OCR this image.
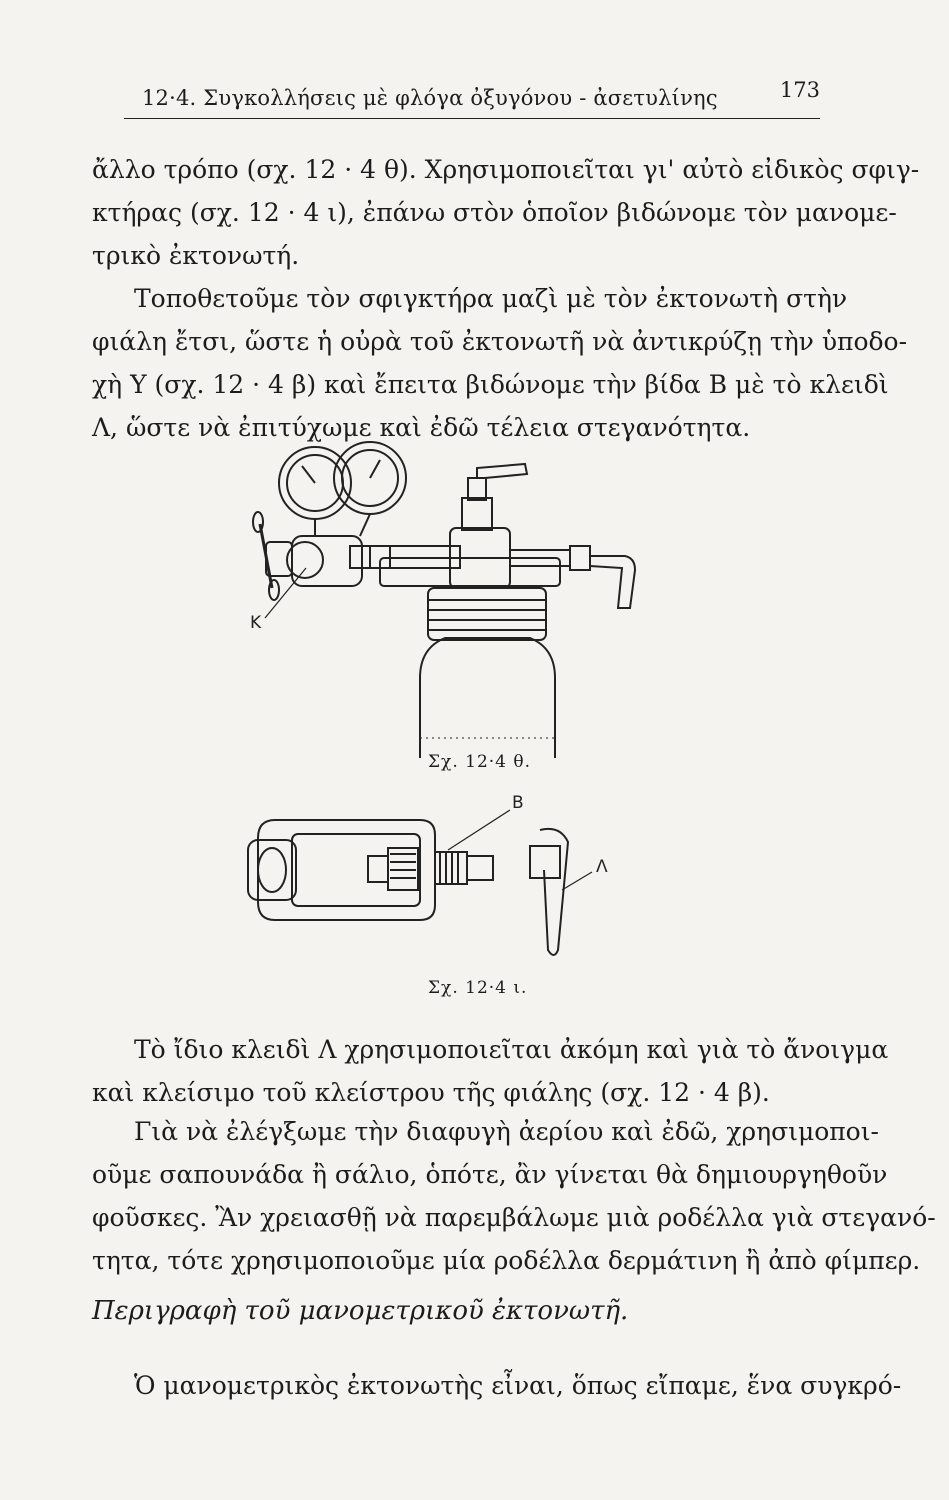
12·4. Συγκολλήσεις μὲ φλόγα ὀξυγόνου - ἀσετυλίνης	173
ἄλλο τρόπο (σχ. 12 · 4 θ). Χρησιμοποιεῖται γι' αὐτὸ εἰδικὸς σφιγ-
κτήρας (σχ. 12 · 4 ι), ἐπάνω στὸν ὁποῖον βιδώνομε τὸν μανομε-
τρικὸ ἐκτονωτή.
Τοποθετοῦμε τὸν σφιγκτήρα μαζὶ μὲ τὸν ἐκτονωτὴ στὴν
φιάλη ἔτσι, ὥστε ἡ οὐρὰ τοῦ ἐκτονωτῆ νὰ ἀντικρύζῃ τὴν ὑποδο-
χὴ Υ (σχ. 12 · 4 β) καὶ ἔπειτα βιδώνομε τὴν βίδα Β μὲ τὸ κλειδὶ
Λ, ὥστε νὰ ἐπιτύχωμε καὶ ἐδῶ τέλεια στεγανότητα.
K
Σχ. 12·4 θ.
B
Λ
Σχ. 12·4 ι.
Τὸ ἴδιο κλειδὶ Λ χρησιμοποιεῖται ἀκόμη καὶ γιὰ τὸ ἄνοιγμα
καὶ κλείσιμο τοῦ κλείστρου τῆς φιάλης (σχ. 12 · 4 β).
Γιὰ νὰ ἐλέγξωμε τὴν διαφυγὴ ἀερίου καὶ ἐδῶ, χρησιμοποι-
οῦμε σαπουνάδα ἢ σάλιο, ὁπότε, ἂν γίνεται θὰ δημιουργηθοῦν
φοῦσκες. Ἂν χρειασθῇ νὰ παρεμβάλωμε μιὰ ροδέλλα γιὰ στεγανό-
τητα, τότε χρησιμοποιοῦμε μία ροδέλλα δερμάτινη ἢ ἀπὸ φίμπερ.
Περιγραφὴ τοῦ μανομετρικοῦ ἐκτονωτῆ.
Ὁ μανομετρικὸς ἐκτονωτὴς εἶναι, ὅπως εἴπαμε, ἕνα συγκρό-
